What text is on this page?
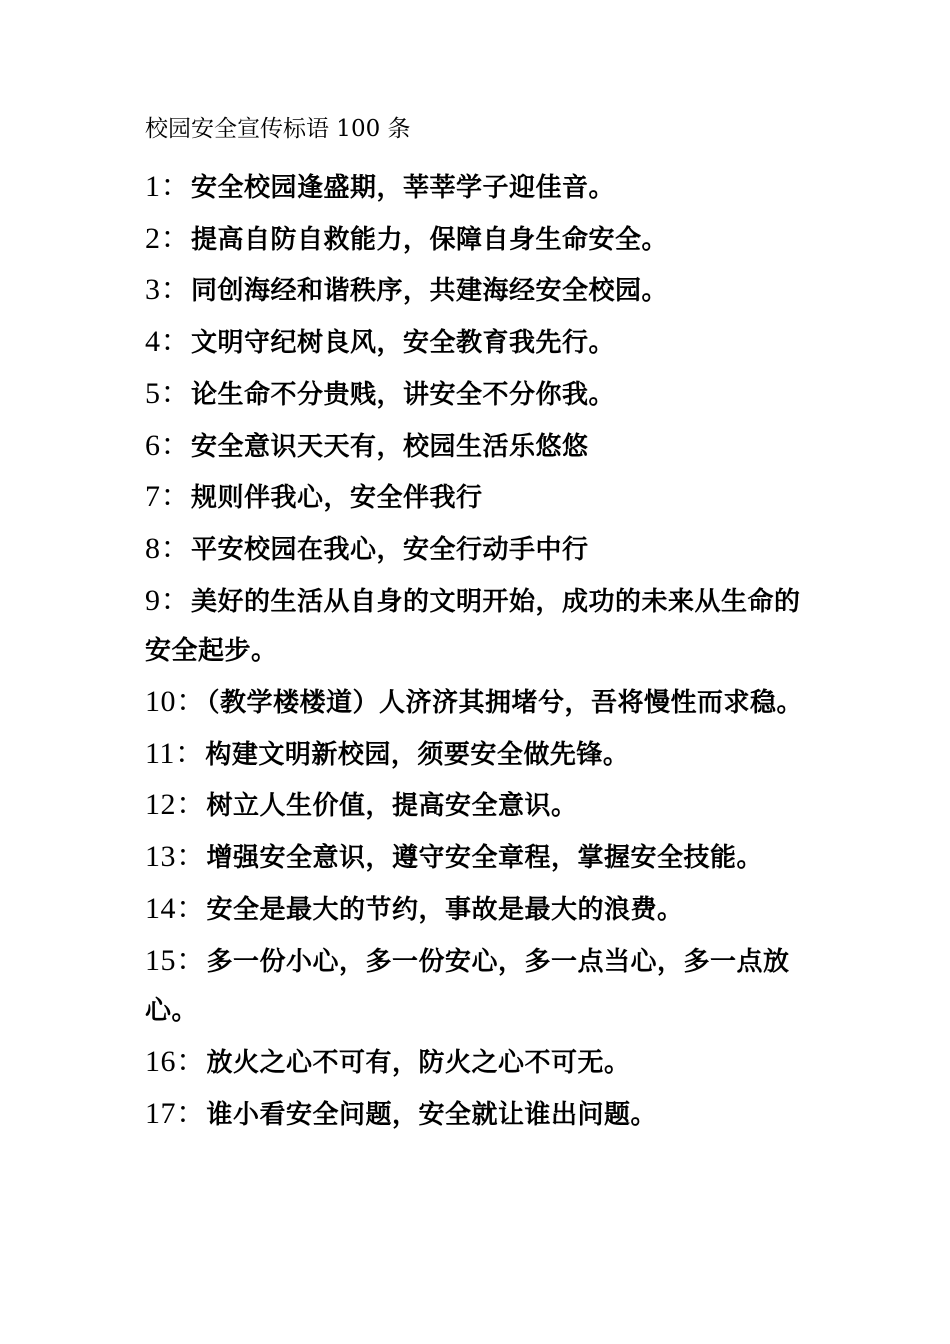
校园安全宣传标语 100 条

1：安全校园逢盛期，莘莘学子迎佳音。

2：提高自防自救能力，保障自身生命安全。

3：同创海经和谐秩序，共建海经安全校园。

4：文明守纪树良风，安全教育我先行。

5：论生命不分贵贱，讲安全不分你我。

6：安全意识天天有，校园生活乐悠悠

7：规则伴我心，安全伴我行

8：平安校园在我心，安全行动手中行

9：美好的生活从自身的文明开始，成功的未来从生命的安全起步。

10：（教学楼楼道）人济济其拥堵兮，吾将慢性而求稳。

11：构建文明新校园，须要安全做先锋。

12：树立人生价值，提高安全意识。

13：增强安全意识，遵守安全章程，掌握安全技能。

14：安全是最大的节约，事故是最大的浪费。

15：多一份小心，多一份安心，多一点当心，多一点放心。

16：放火之心不可有，防火之心不可无。

17：谁小看安全问题，安全就让谁出问题。
